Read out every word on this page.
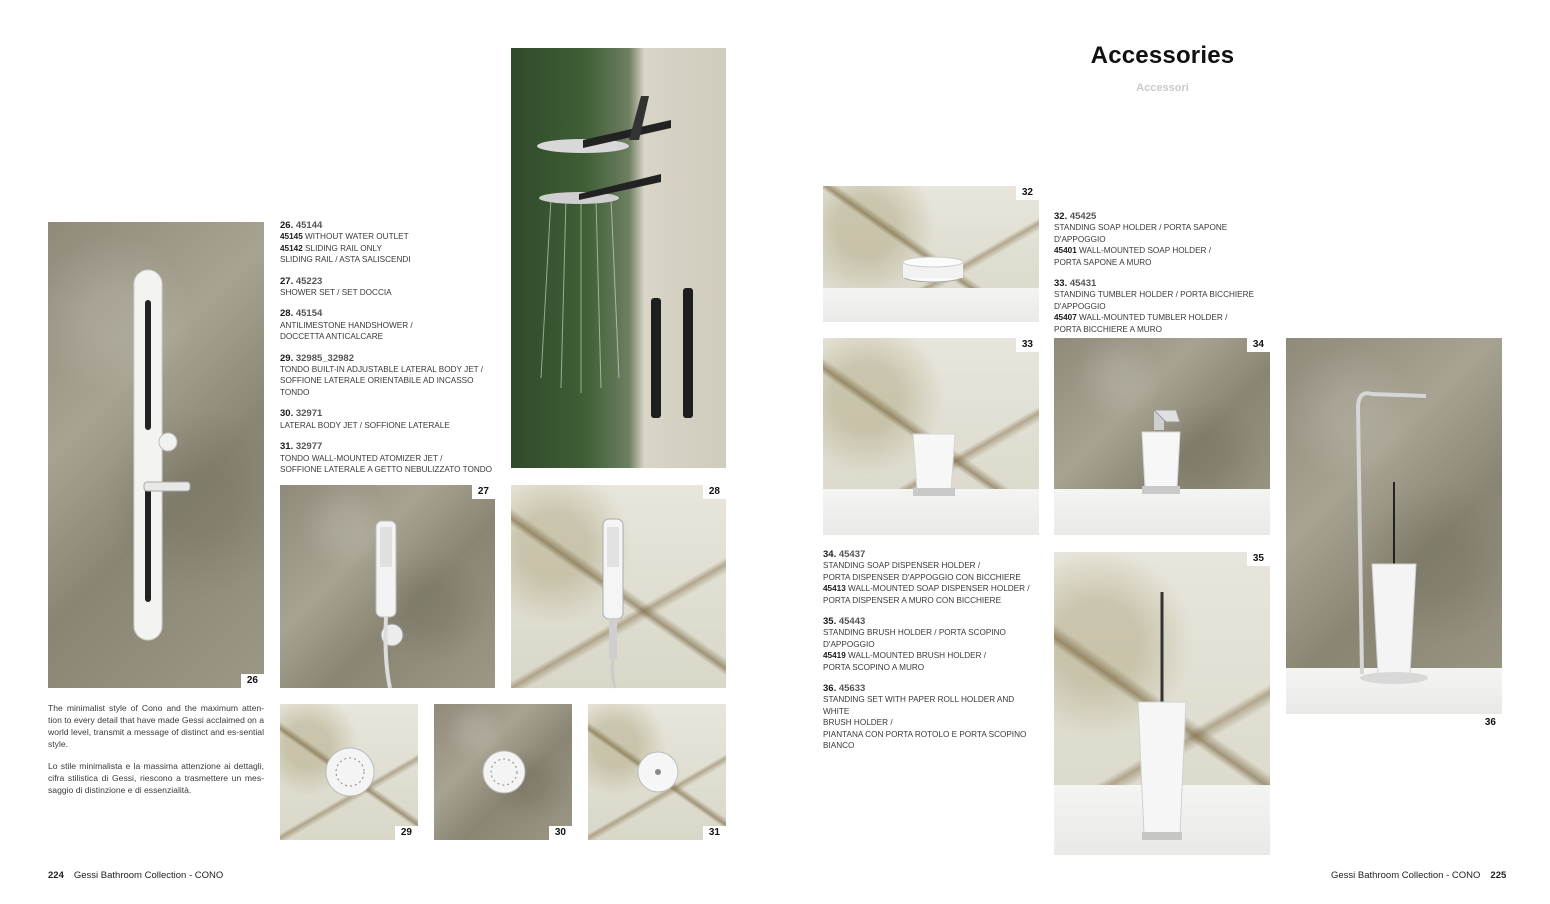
26
26. 45144
45145 WITHOUT WATER OUTLET
45142 SLIDING RAIL ONLY
SLIDING RAIL / ASTA SALISCENDI
27. 45223
SHOWER SET / SET DOCCIA
28. 45154
ANTILIMESTONE HANDSHOWER /
DOCCETTA ANTICALCARE
29. 32985_32982
TONDO BUILT-IN ADJUSTABLE LATERAL BODY JET /
SOFFIONE LATERALE ORIENTABILE AD INCASSO TONDO
30. 32971
LATERAL BODY JET / SOFFIONE LATERALE
31. 32977
TONDO WALL-MOUNTED ATOMIZER JET /
SOFFIONE LATERALE A GETTO NEBULIZZATO TONDO
27	28

The minimalist style of Cono and the maximum atten-tion to every detail that have made Gessi acclaimed on a world level, transmit a message of distinct and es-sential style.

Lo stile minimalista e la massima attenzione ai dettagli, cifra stilistica di Gessi, riescono a trasmettere un mes-saggio di distinzione e di essenzialità.

29	30	31
224 Gessi Bathroom Collection - CONO
Accessories
Accessori
32
32. 45425
STANDING SOAP HOLDER / PORTA SAPONE D'APPOGGIO
45401 WALL-MOUNTED SOAP HOLDER /
PORTA SAPONE A MURO
33. 45431
STANDING TUMBLER HOLDER / PORTA BICCHIERE
D'APPOGGIO
45407 WALL-MOUNTED TUMBLER HOLDER /
PORTA BICCHIERE A MURO
33	34
36
34. 45437
STANDING SOAP DISPENSER HOLDER /
PORTA DISPENSER D'APPOGGIO CON BICCHIERE
45413 WALL-MOUNTED SOAP DISPENSER HOLDER /
PORTA DISPENSER A MURO CON BICCHIERE
35. 45443
STANDING BRUSH HOLDER / PORTA SCOPINO
D'APPOGGIO
45419 WALL-MOUNTED BRUSH HOLDER /
PORTA SCOPINO A MURO
36. 45633
STANDING SET WITH PAPER ROLL HOLDER AND WHITE
BRUSH HOLDER /
PIANTANA CON PORTA ROTOLO E PORTA SCOPINO
BIANCO
35
Gessi Bathroom Collection - CONO 225
